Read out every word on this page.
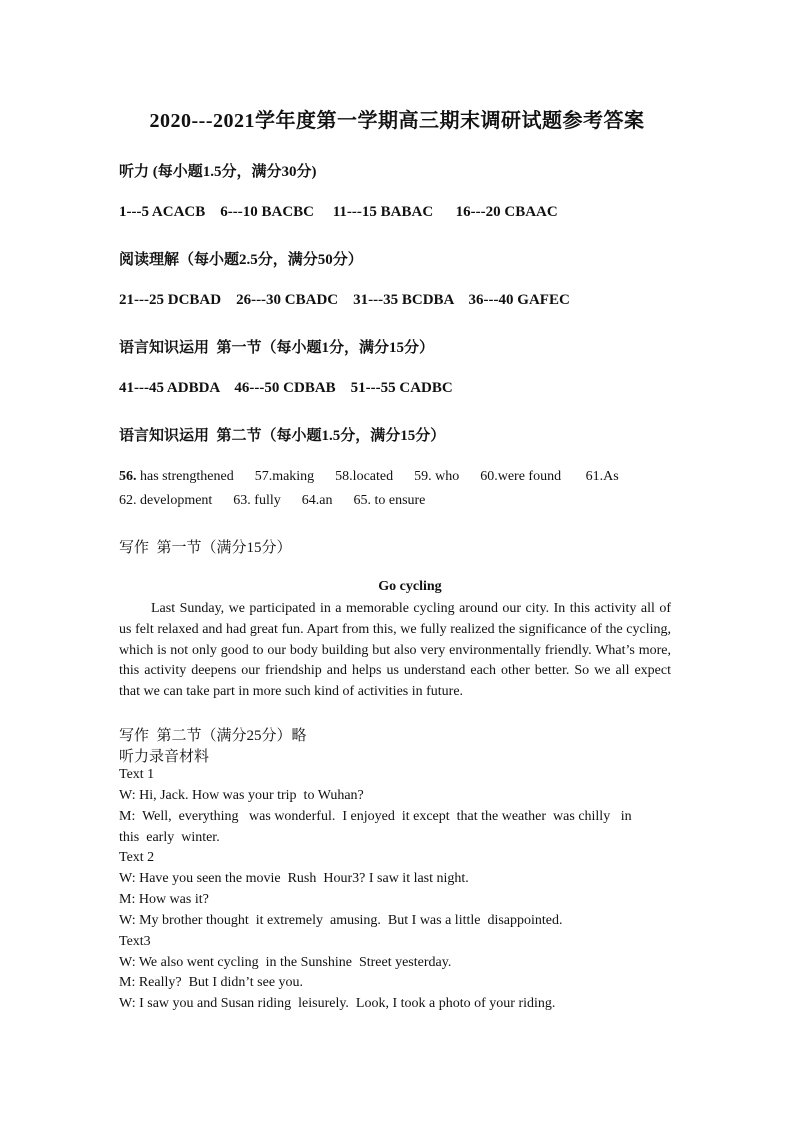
2020---2021学年度第一学期高三期末调研试题参考答案
听力 (每小题1.5分，满分30分)
1---5 ACACB    6---10 BACBC     11---15 BABAC      16---20 CBAAC
阅读理解（每小题2.5分，满分50分）
21---25 DCBAD    26---30 CBADC    31---35 BCDBA    36---40 GAFEC
语言知识运用  第一节（每小题1分，满分15分）
41---45 ADBDA    46---50 CDBAB    51---55 CADBC
语言知识运用  第二节（每小题1.5分，满分15分）
56. has strengthened      57.making      58.located      59. who      60.were found       61.As
62. development      63. fully      64.an      65. to ensure
写作  第一节（满分15分）
Go cycling
Last Sunday, we participated in a memorable cycling around our city. In this activity all of us felt relaxed and had great fun. Apart from this, we fully realized the significance of the cycling, which is not only good to our body building but also very environmentally friendly. What’s more, this activity deepens our friendship and helps us understand each other better. So we all expect that we can take part in more such kind of activities in future.
写作  第二节（满分25分）略
听力录音材料
Text 1
W: Hi, Jack. How was your trip  to Wuhan?
M:  Well,  everything   was wonderful.  I enjoyed  it except  that the weather  was chilly   in
this  early  winter.
Text 2
W: Have you seen the movie  Rush  Hour3? I saw it last night.
M: How was it?
W: My brother thought  it extremely  amusing.  But I was a little  disappointed.
Text3
W: We also went cycling  in the Sunshine  Street yesterday.
M: Really?  But I didn’t see you.
W: I saw you and Susan riding  leisurely.  Look, I took a photo of your riding.
